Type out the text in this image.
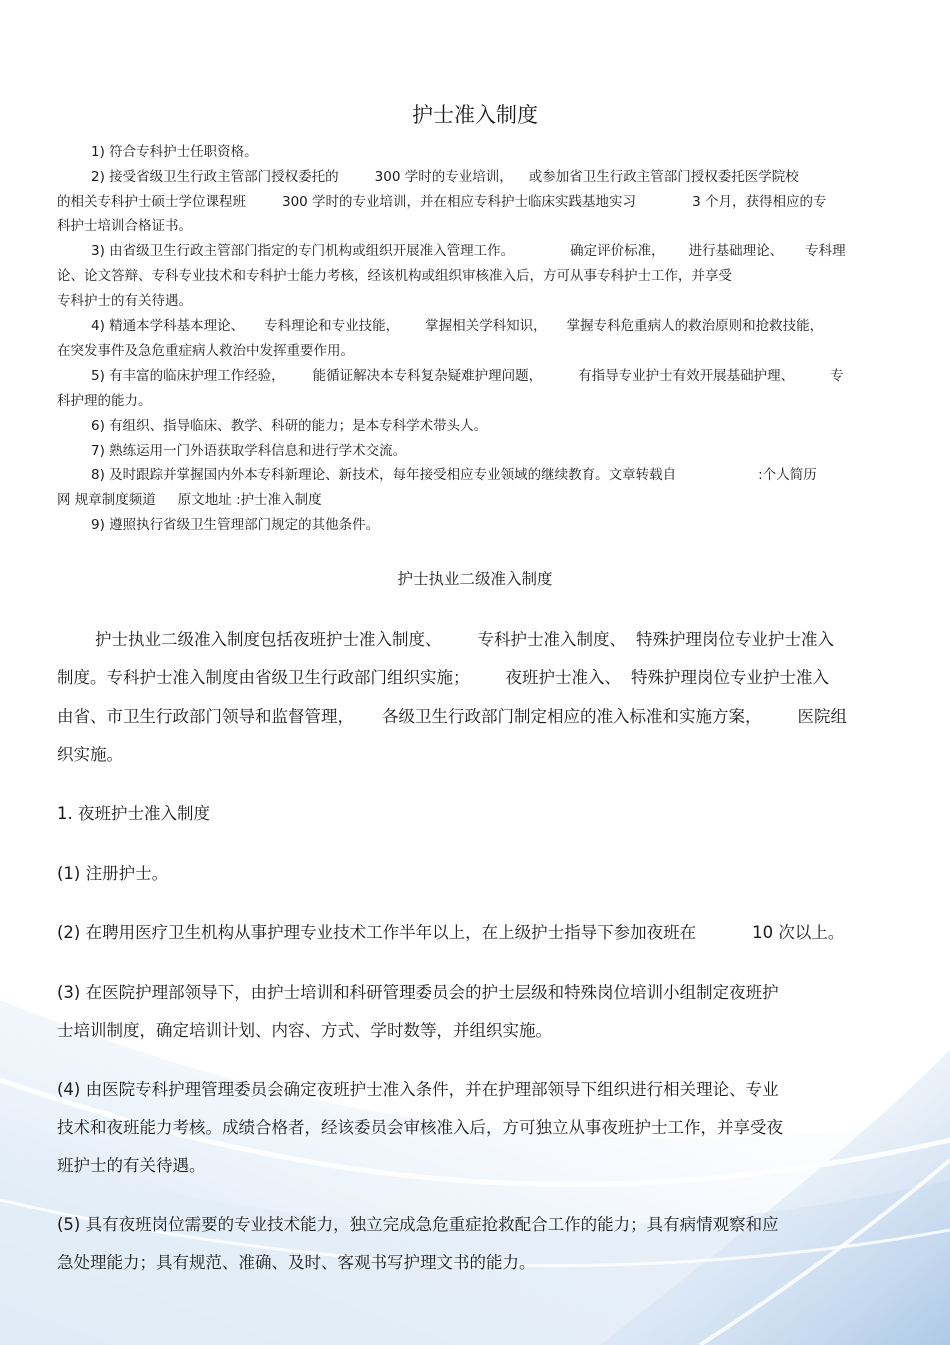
护士准入制度

1) 符合专科护士任职资格。

2) 接受省级卫生行政主管部门授权委托的	300 学时的专业培训， 或参加省卫生行政主管部门授权委托医学院校

的相关专科护士硕士学位课程班	300 学时的专业培训，并在相应专科护士临床实践基地实习	3 个月，获得相应的专

科护士培训合格证书。

3) 由省级卫生行政主管部门指定的专门机构或组织开展准入管理工作。	确定评价标准， 进行基础理论、 专科理

论、论文答辩、专科专业技术和专科护士能力考核，经该机构或组织审核准入后，方可从事专科护士工作，并享受

专科护士的有关待遇。

4) 精通本学科基本理论、 专科理论和专业技能， 掌握相关学科知识， 掌握专科危重病人的救治原则和抢救技能，

在突发事件及急危重症病人救治中发挥重要作用。

5) 有丰富的临床护理工作经验， 能循证解决本专科复杂疑难护理问题，	有指导专业护士有效开展基础护理、	专

科护理的能力。

6) 有组织、指导临床、教学、科研的能力；是本专科学术带头人。

7) 熟练运用一门外语获取学科信息和进行学术交流。

8) 及时跟踪并掌握国内外本专科新理论、新技术，每年接受相应专业领域的继续教育。文章转载自	:个人简历

网 规章制度频道 原文地址 :护士准入制度

9) 遵照执行省级卫生管理部门规定的其他条件。

护士执业二级准入制度

护士执业二级准入制度包括夜班护士准入制度、 专科护士准入制度、 特殊护理岗位专业护士准入

制度。专科护士准入制度由省级卫生行政部门组织实施； 夜班护士准入、 特殊护理岗位专业护士准入

由省、市卫生行政部门领导和监督管理， 各级卫生行政部门制定相应的准入标准和实施方案， 医院组

织实施。

1. 夜班护士准入制度

(1) 注册护士。

(2) 在聘用医疗卫生机构从事护理专业技术工作半年以上，在上级护士指导下参加夜班在	10 次以上。

(3) 在医院护理部领导下，由护士培训和科研管理委员会的护士层级和特殊岗位培训小组制定夜班护

士培训制度，确定培训计划、内容、方式、学时数等，并组织实施。

(4) 由医院专科护理管理委员会确定夜班护士准入条件，并在护理部领导下组织进行相关理论、专业

技术和夜班能力考核。成绩合格者，经该委员会审核准入后，方可独立从事夜班护士工作，并享受夜

班护士的有关待遇。

(5) 具有夜班岗位需要的专业技术能力，独立完成急危重症抢救配合工作的能力；具有病情观察和应

急处理能力；具有规范、准确、及时、客观书写护理文书的能力。
